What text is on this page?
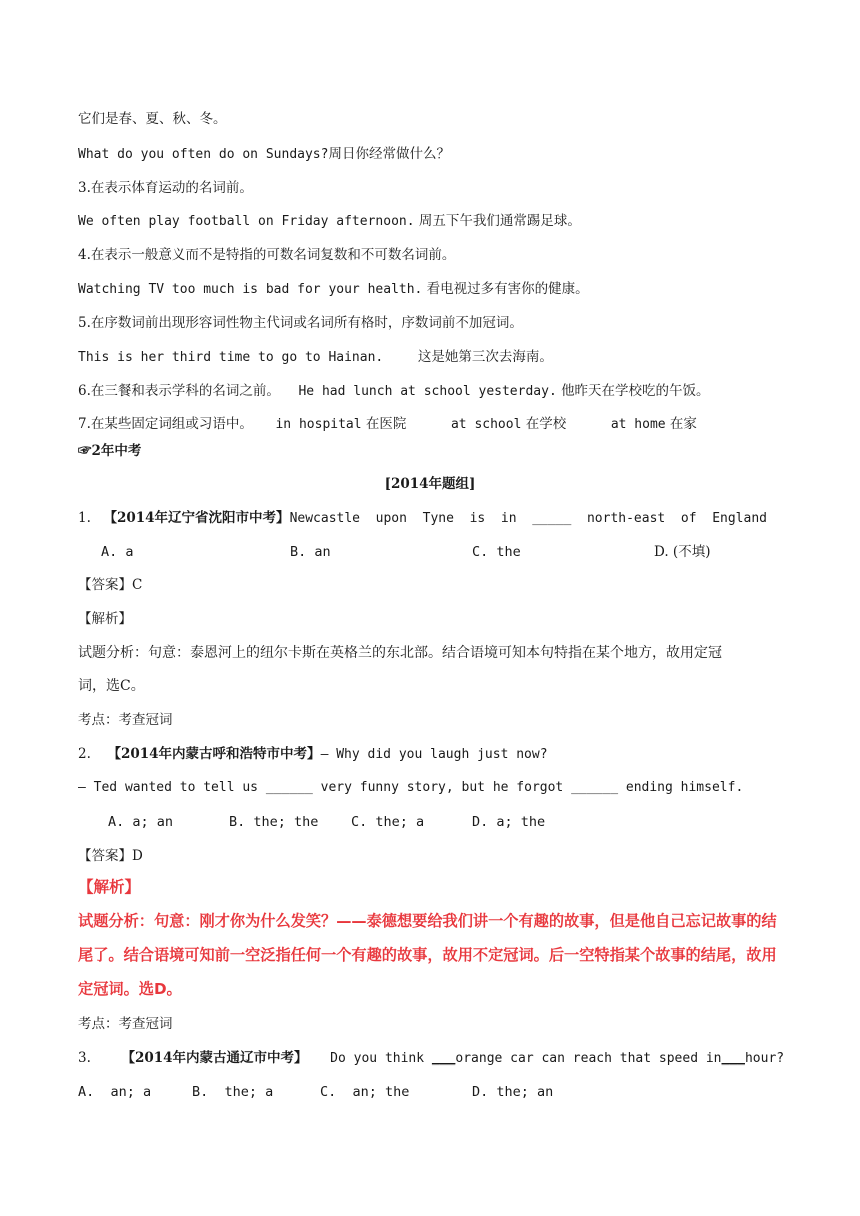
它们是春、夏、秋、冬。
What do you often do on Sundays?周日你经常做什么？
3.在表示体育运动的名词前。
We often play football on Friday afternoon. 周五下午我们通常踢足球。
4.在表示一般意义而不是特指的可数名词复数和不可数名词前。
Watching TV too much is bad for your health. 看电视过多有害你的健康。
5.在序数词前出现形容词性物主代词或名词所有格时，序数词前不加冠词。
This is her third time to go to Hainan.	这是她第三次去海南。
6.在三餐和表示学科的名词之前。 He had lunch at school yesterday. 他昨天在学校吃的午饭。
7.在某些固定词组或习语中。 in hospital 在医院	at school 在学校	at home 在家
☞2年中考
[2014年题组]
1. 【2014年辽宁省沈阳市中考】Newcastle  upon  Tyne  is  in  _____  north-east  of  England
A. a	B. an	C. the	D. (不填)
【答案】C
【解析】
试题分析：句意：泰恩河上的纽尔卡斯在英格兰的东北部。结合语境可知本句特指在某个地方，故用定冠
词，选C。
考点：考查冠词
2. 【2014年内蒙古呼和浩特市中考】— Why did you laugh just now?
— Ted wanted to tell us ______ very funny story, but he forgot ______ ending himself.
A. a; an	B. the; the C. the; a	D. a; the
【答案】D
【解析】
试题分析：句意：刚才你为什么发笑？——泰德想要给我们讲一个有趣的故事，但是他自己忘记故事的结
尾了。结合语境可知前一空泛指任何一个有趣的故事，故用不定冠词。后一空特指某个故事的结尾，故用
定冠词。选D。
考点：考查冠词
3. 【2014年内蒙古通辽市中考】 Do you think ___orange car can reach that speed in___hour?
A.  an; a	B.  the; a	C.  an; the	D. the; an
